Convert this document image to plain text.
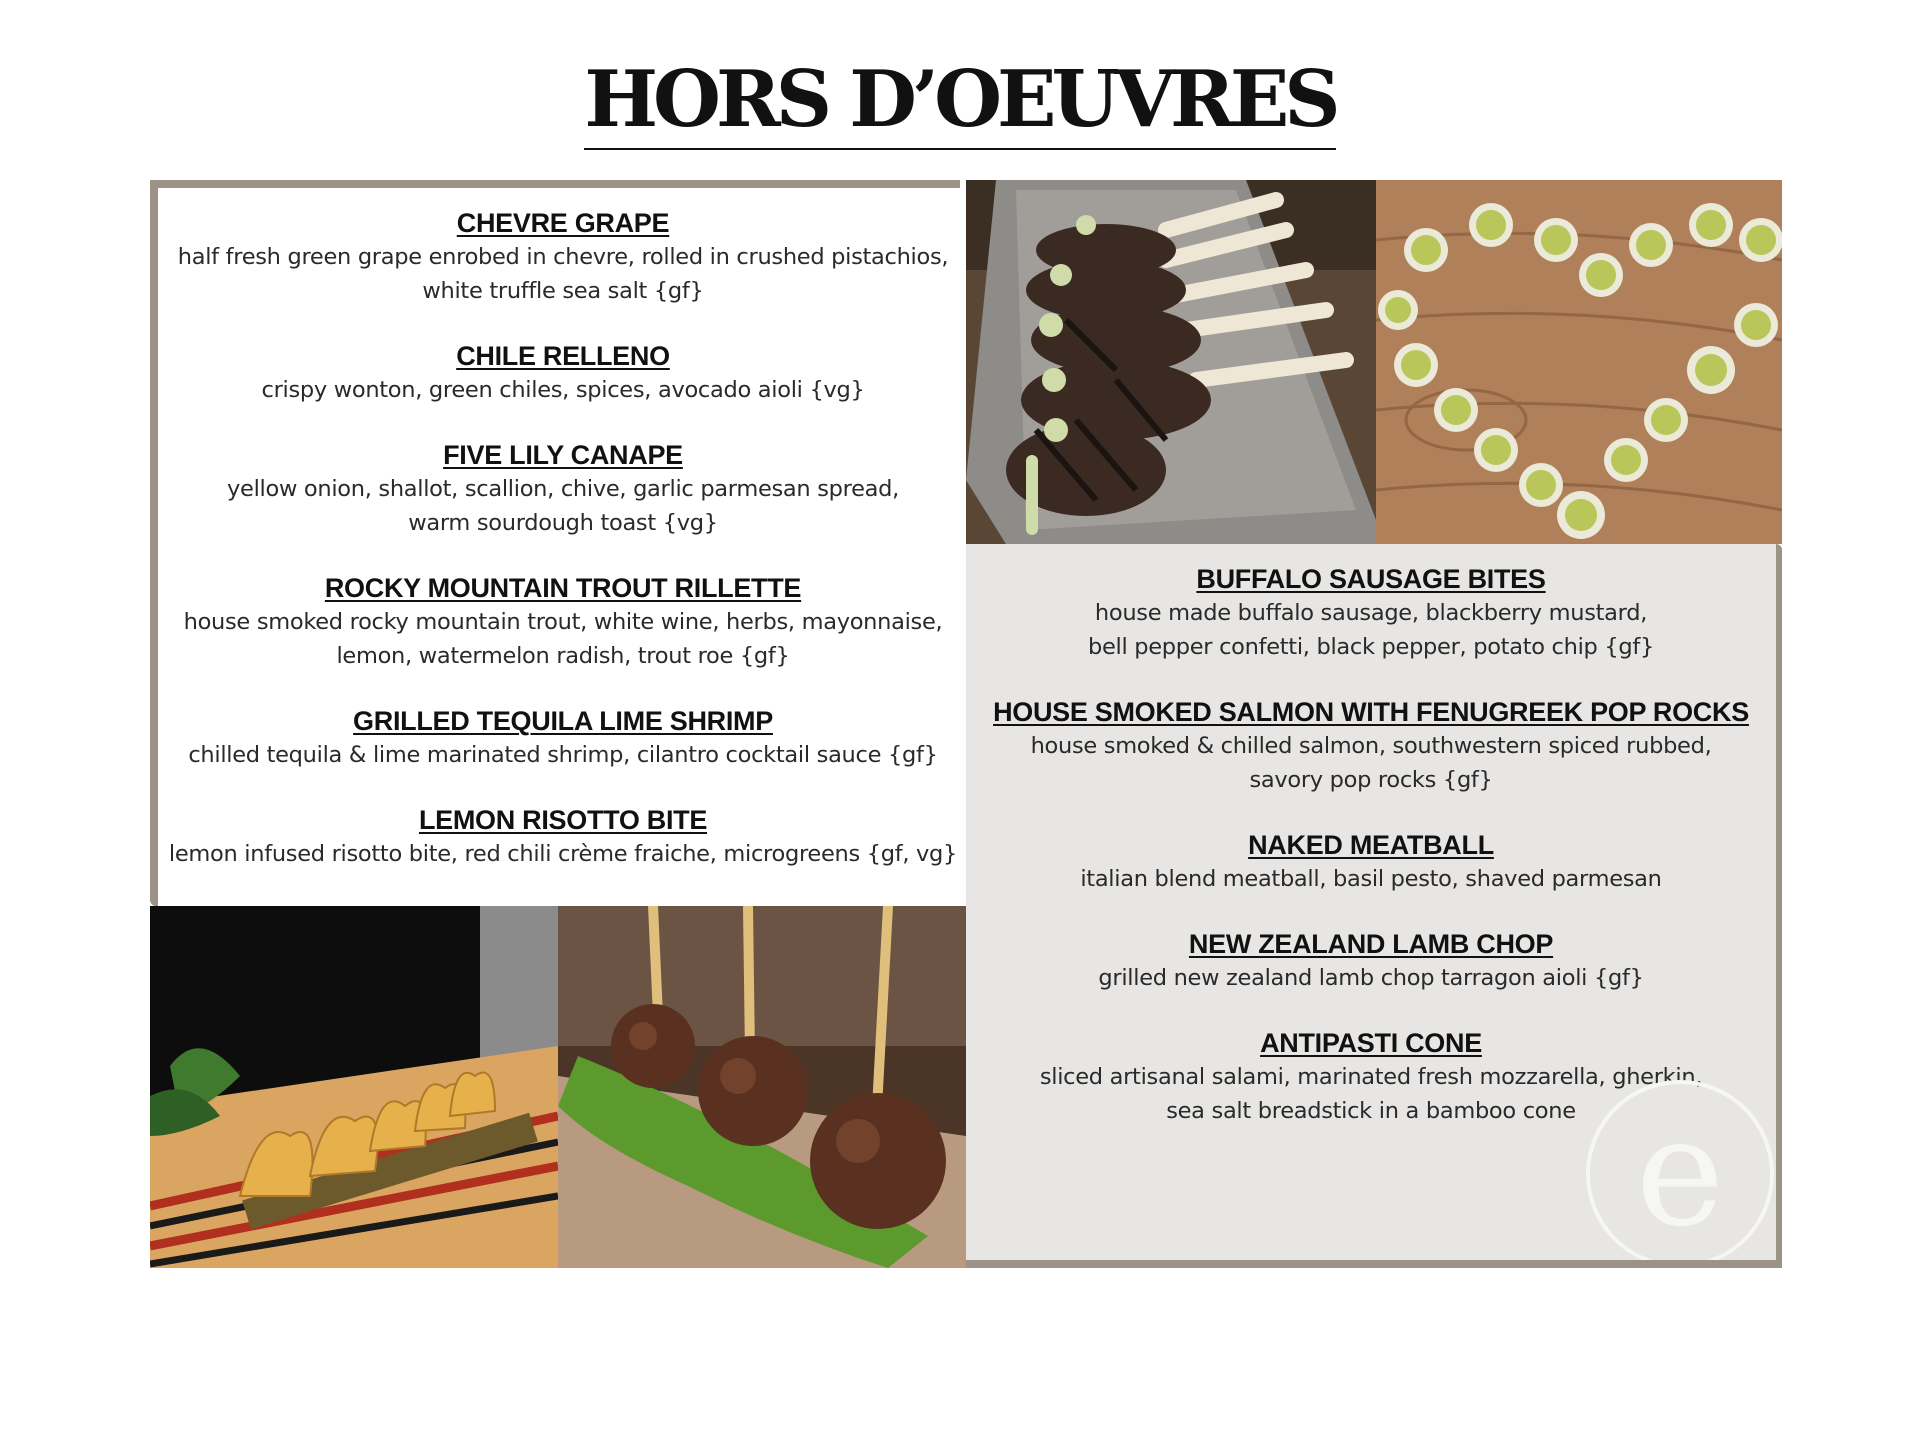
HORS D’OEUVRES
CHEVRE GRAPE
half fresh green grape enrobed in chevre, rolled in crushed pistachios,
white truffle sea salt {gf}
CHILE RELLENO
crispy wonton, green chiles, spices, avocado aioli {vg}
FIVE LILY CANAPE
yellow onion, shallot, scallion, chive, garlic parmesan spread,
warm sourdough toast {vg}
ROCKY MOUNTAIN TROUT RILLETTE
house smoked rocky mountain trout, white wine, herbs, mayonnaise,
lemon, watermelon radish, trout roe {gf}
GRILLED TEQUILA LIME SHRIMP
chilled tequila & lime marinated shrimp, cilantro cocktail sauce {gf}
LEMON RISOTTO BITE
lemon infused risotto bite, red chili crème fraiche, microgreens {gf, vg}
BUFFALO SAUSAGE BITES
house made buffalo sausage, blackberry mustard,
bell pepper confetti, black pepper, potato chip {gf}
HOUSE SMOKED SALMON WITH FENUGREEK POP ROCKS
house smoked & chilled salmon, southwestern spiced rubbed,
savory pop rocks {gf}
NAKED MEATBALL
italian blend meatball, basil pesto, shaved parmesan
NEW ZEALAND LAMB CHOP
grilled new zealand lamb chop tarragon aioli {gf}
ANTIPASTI CONE
sliced artisanal salami, marinated fresh mozzarella, gherkin,
sea salt breadstick in a bamboo cone e
